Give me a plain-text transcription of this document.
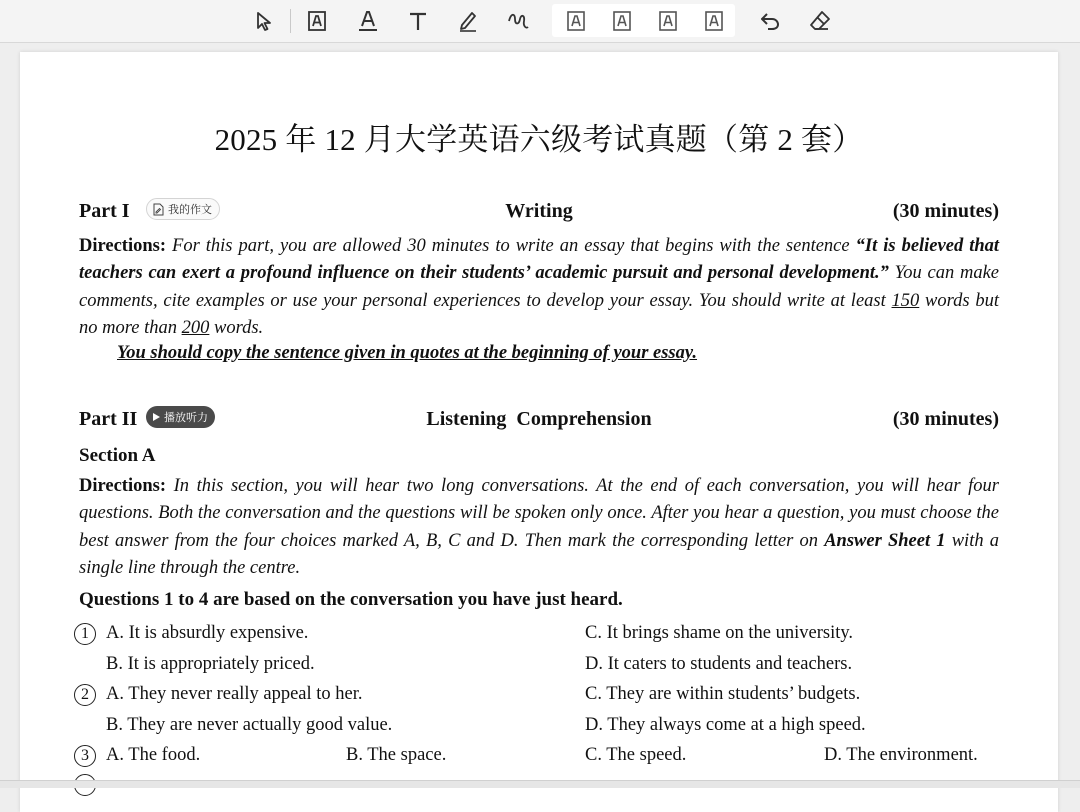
2025 年 12 月大学英语六级考试真题（第 2 套）
Part I	Writing	(30 minutes)
我的作文
Directions: For this part, you are allowed 30 minutes to write an essay that begins with the sentence “It is believed that teachers can exert a profound influence on their students’ academic pursuit and personal development.” You can make comments, cite examples or use your personal experiences to develop your essay. You should write at least 150 words but no more than 200 words.
You should copy the sentence given in quotes at the beginning of your essay.
Part II	Listening  Comprehension	(30 minutes)
播放听力
Section A
Directions: In this section, you will hear two long conversations. At the end of each conversation, you will hear four questions. Both the conversation and the questions will be spoken only once. After you hear a question, you must choose the best answer from the four choices marked A, B, C and D. Then mark the corresponding letter on Answer Sheet 1 with a single line through the centre.
Questions 1 to 4 are based on the conversation you have just heard.
1 A. It is absurdly expensive.	C. It brings shame on the university.
B. It is appropriately priced.	D. It caters to students and teachers.
2 A. They never really appeal to her.	C. They are within students’ budgets.
B. They are never actually good value.	D. They always come at a high speed.
3 A. The food.	B. The space.	C. The speed.	D. The environment.
